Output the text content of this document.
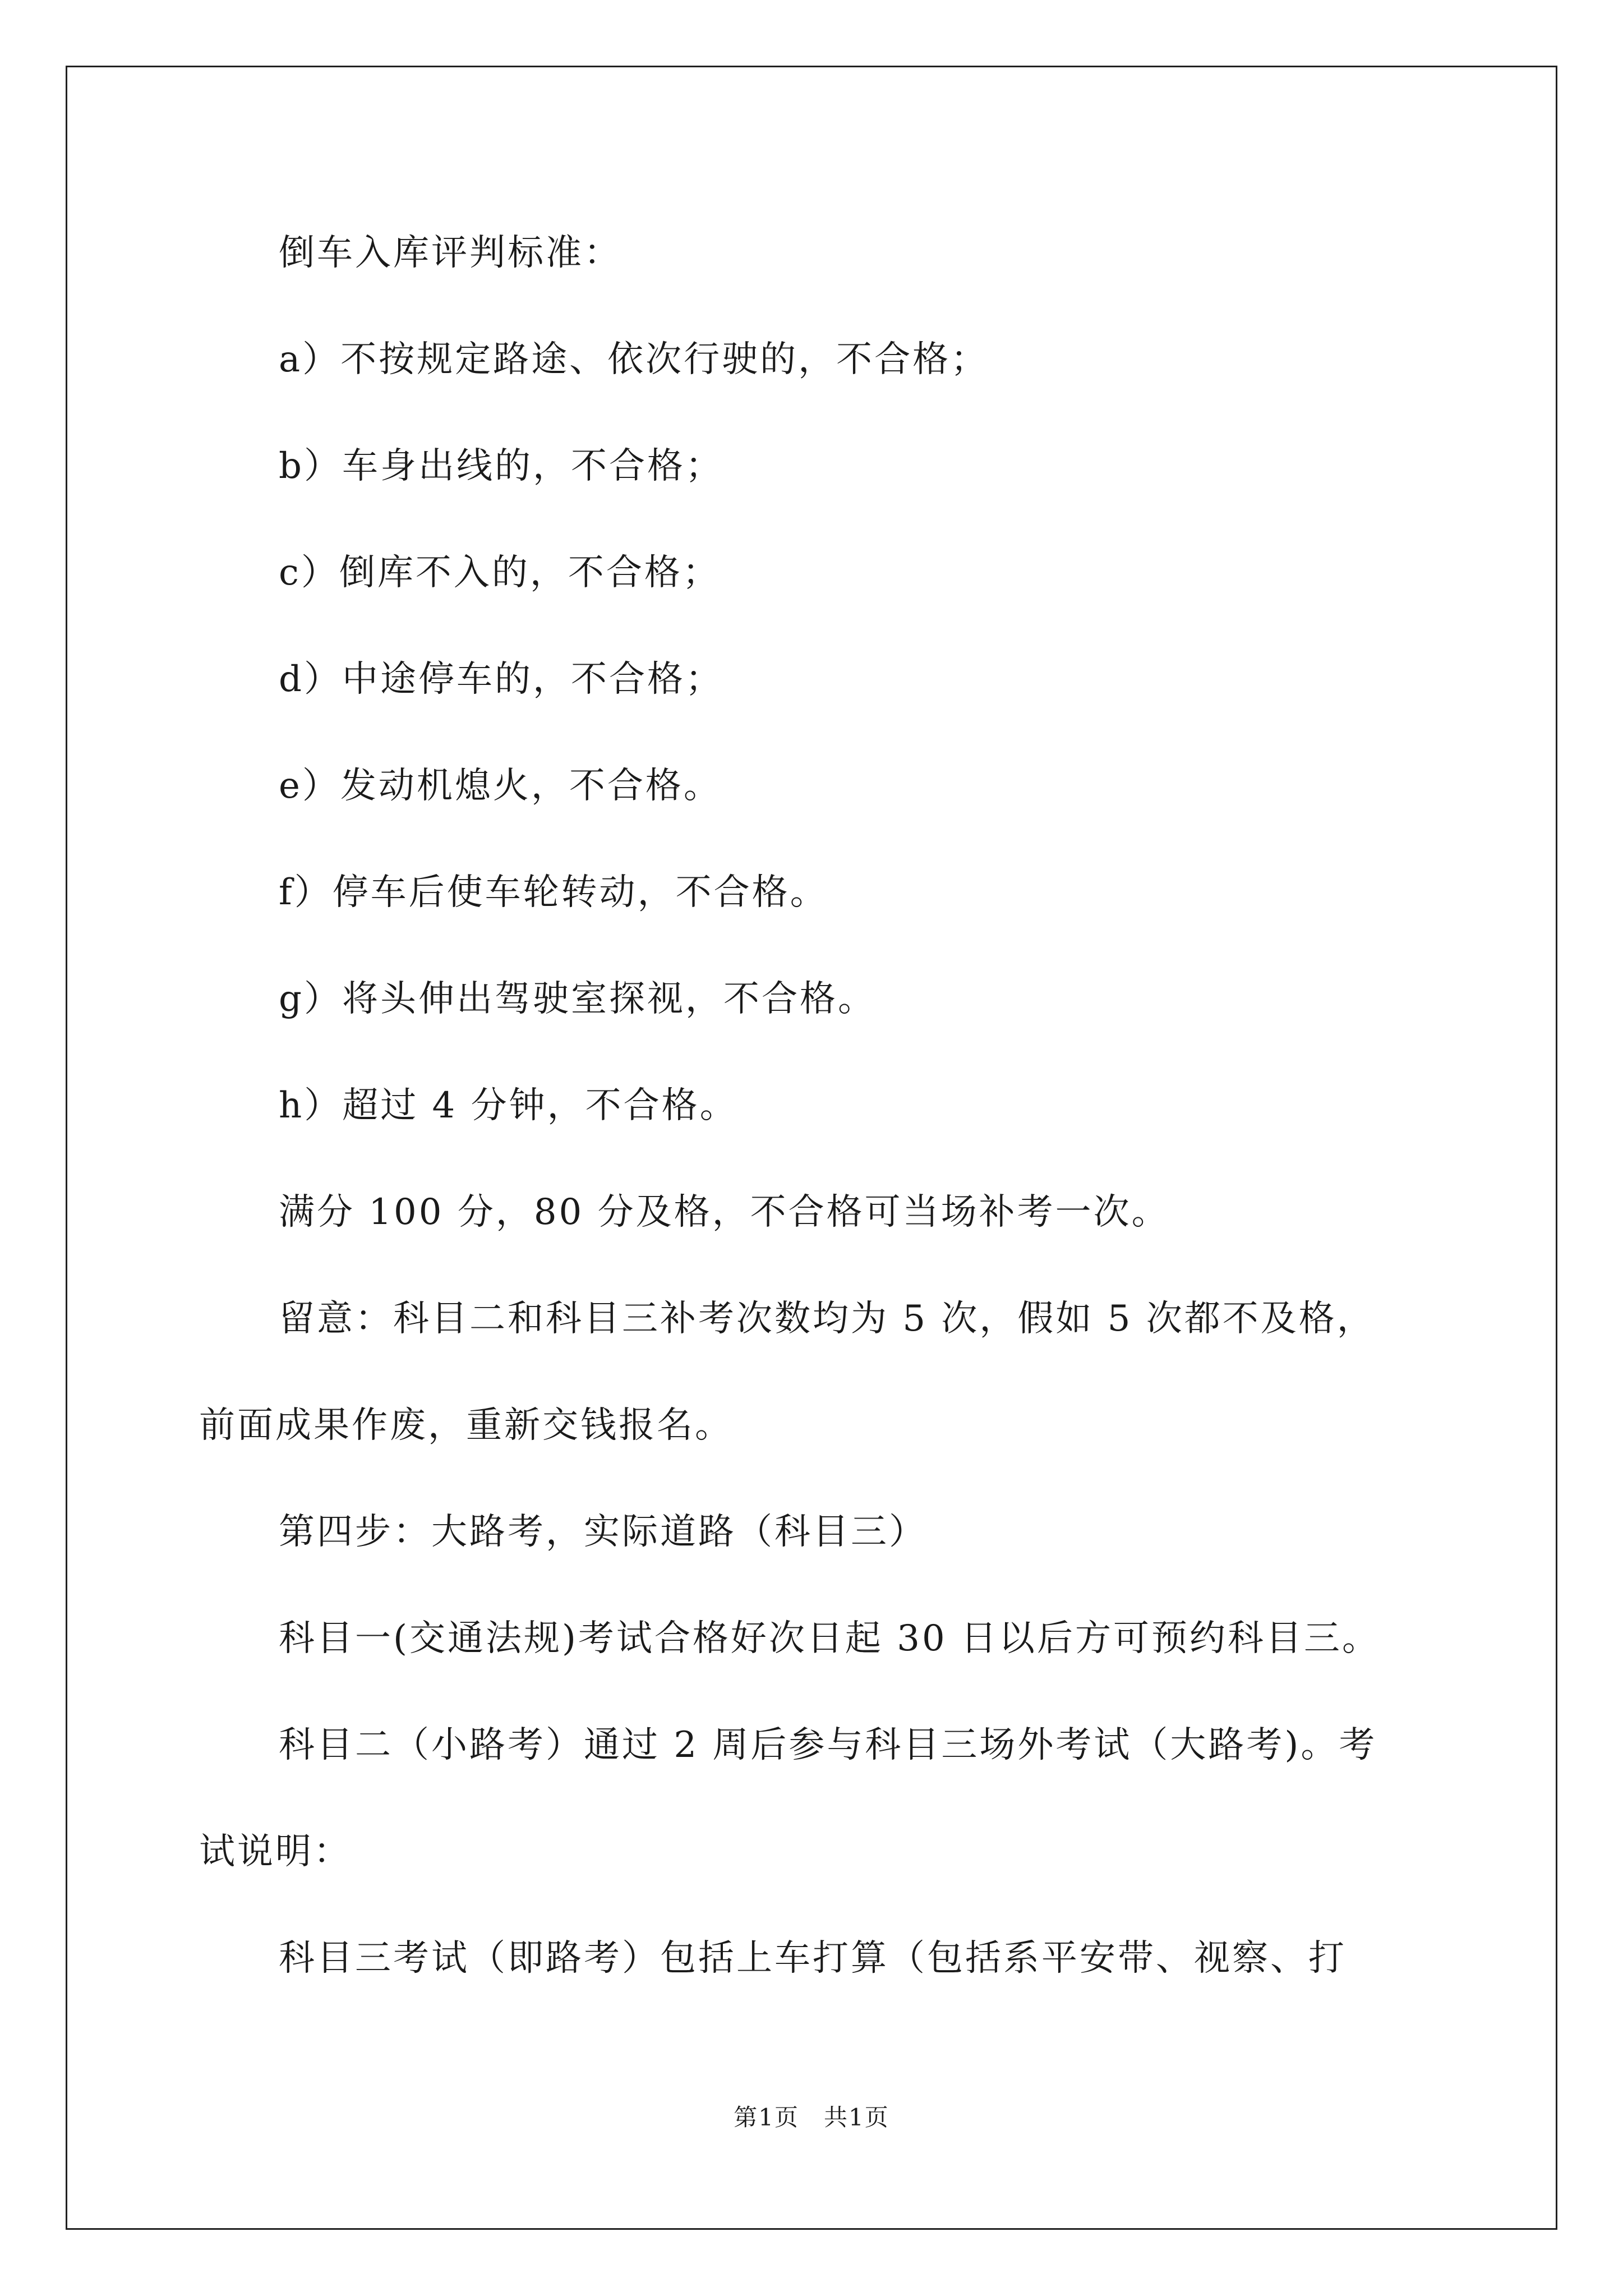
倒车入库评判标准：
a）不按规定路途、依次行驶的，不合格；
b）车身出线的，不合格；
c）倒库不入的，不合格；
d）中途停车的，不合格；
e）发动机熄火，不合格。
f）停车后使车轮转动，不合格。
g）将头伸出驾驶室探视，不合格。
h）超过 4 分钟，不合格。
满分 100 分，80 分及格，不合格可当场补考一次。
留意：科目二和科目三补考次数均为 5 次，假如 5 次都不及格，
前面成果作废，重新交钱报名。
第四步：大路考，实际道路（科目三）
科目一(交通法规)考试合格好次日起 30 日以后方可预约科目三。
科目二（小路考）通过 2 周后参与科目三场外考试（大路考)。考
试说明：
科目三考试（即路考）包括上车打算（包括系平安带、视察、打
第1页　共1页
